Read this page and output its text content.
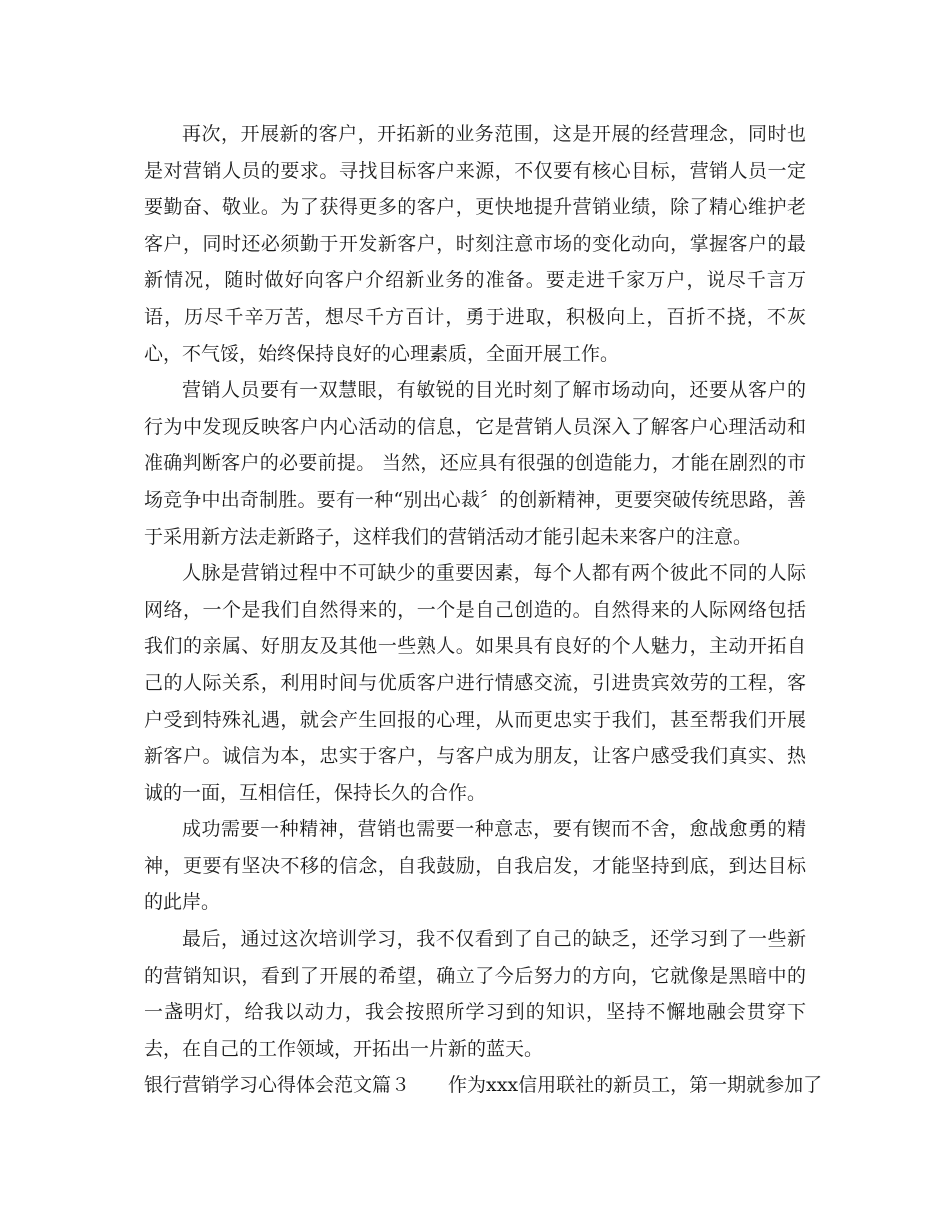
再次，开展新的客户，开拓新的业务范围，这是开展的经营理念，同时也是对营销人员的要求。寻找目标客户来源，不仅要有核心目标，营销人员一定要勤奋、敬业。为了获得更多的客户，更快地提升营销业绩，除了精心维护老客户，同时还必须勤于开发新客户，时刻注意市场的变化动向，掌握客户的最新情况，随时做好向客户介绍新业务的准备。要走进千家万户，说尽千言万语，历尽千辛万苦，想尽千方百计，勇于进取，积极向上，百折不挠，不灰心，不气馁，始终保持良好的心理素质，全面开展工作。

营销人员要有一双慧眼，有敏锐的目光时刻了解市场动向，还要从客户的行为中发现反映客户内心活动的信息，它是营销人员深入了解客户心理活动和准确判断客户的必要前提。 当然，还应具有很强的创造能力，才能在剧烈的市场竞争中出奇制胜。要有一种“别出心裁〞的创新精神，更要突破传统思路，善于采用新方法走新路子，这样我们的营销活动才能引起未来客户的注意。

人脉是营销过程中不可缺少的重要因素，每个人都有两个彼此不同的人际网络，一个是我们自然得来的，一个是自己创造的。自然得来的人际网络包括我们的亲属、好朋友及其他一些熟人。如果具有良好的个人魅力，主动开拓自己的人际关系，利用时间与优质客户进行情感交流，引进贵宾效劳的工程，客户受到特殊礼遇，就会产生回报的心理，从而更忠实于我们，甚至帮我们开展新客户。诚信为本，忠实于客户，与客户成为朋友，让客户感受我们真实、热诚的一面，互相信任，保持长久的合作。

成功需要一种精神，营销也需要一种意志，要有锲而不舍，愈战愈勇的精神，更要有坚决不移的信念，自我鼓励，自我启发，才能坚持到底，到达目标的此岸。

最后，通过这次培训学习，我不仅看到了自己的缺乏，还学习到了一些新的营销知识，看到了开展的希望，确立了今后努力的方向，它就像是黑暗中的一盏明灯，给我以动力，我会按照所学习到的知识，坚持不懈地融会贯穿下去，在自己的工作领域，开拓出一片新的蓝天。

银行营销学习心得体会范文篇３　　作为xxx信用联社的新员工，第一期就参加了
